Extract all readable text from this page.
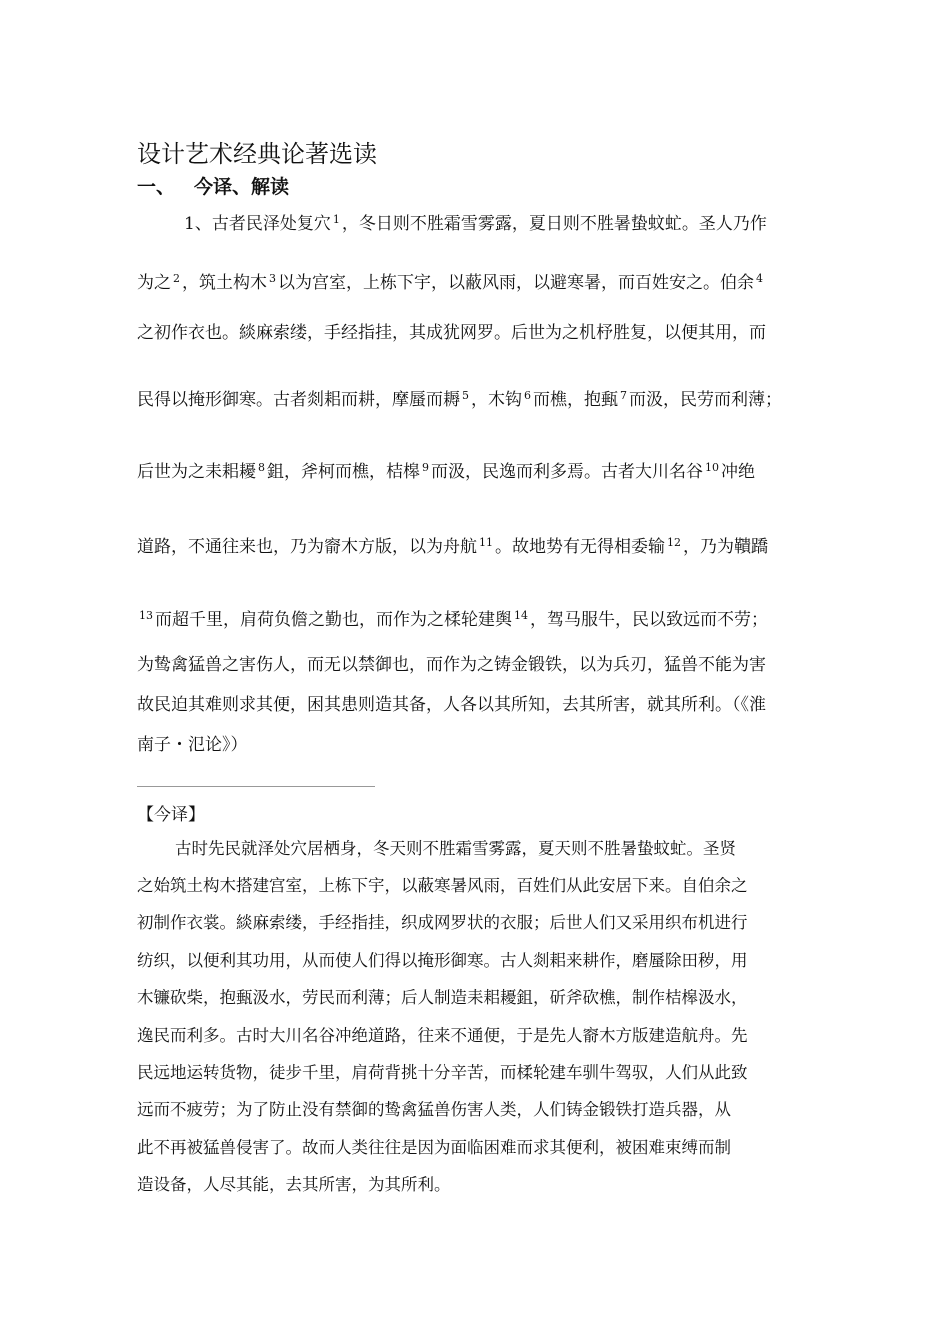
设计艺术经典论著选读
一、 今译、解读
1、古者民泽处复穴 $^1$ ，冬日则不胜霜雪雾露，夏日则不胜暑蛰蚊虻。圣人乃作
为之 $^2$ ，筑土构木 $^3$ 以为宫室，上栋下宇，以蔽风雨，以避寒暑，而百姓安之。伯余 $^4$
之初作衣也。緂麻索缕，手经指挂，其成犹网罗。后世为之机杼胜复，以便其用，而
民得以掩形御寒。古者剡耜而耕，摩蜃而耨 $^5$ ，木钩 $^6$ 而樵，抱甀 $^7$ 而汲，民劳而利薄；
后世为之耒耜耰 $^8$ 鉏，斧柯而樵，桔槔 $^9$ 而汲，民逸而利多焉。古者大川名谷 $^{10}$ 冲绝
道路，不通往来也，乃为窬木方版，以为舟航 $^{11}$ 。故地势有无得相委输 $^{12}$ ，乃为鞼蹻
$^{13}$ 而超千里，肩荷负儋之勤也，而作为之楺轮建舆 $^{14}$ ，驾马服牛，民以致远而不劳；
为鸷禽猛兽之害伤人，而无以禁御也，而作为之铸金锻铁，以为兵刃，猛兽不能为害
故民迫其难则求其便，困其患则造其备，人各以其所知，去其所害，就其所利。（《淮
南子・氾论》）
【今译】
古时先民就泽处穴居栖身，冬天则不胜霜雪雾露，夏天则不胜暑蛰蚊虻。圣贤
之始筑土构木搭建宫室，上栋下宇，以蔽寒暑风雨，百姓们从此安居下来。自伯余之
初制作衣裳。緂麻索缕，手经指挂，织成网罗状的衣服；后世人们又采用织布机进行
纺织，以便利其功用，从而使人们得以掩形御寒。古人剡耜来耕作，磨蜃除田秽，用
木镰砍柴，抱甀汲水，劳民而利薄；后人制造耒耜耰鉏，斫斧砍樵，制作桔槔汲水，
逸民而利多。古时大川名谷冲绝道路，往来不通便，于是先人窬木方版建造航舟。先
民远地运转货物，徒步千里，肩荷背挑十分辛苦，而楺轮建车驯牛驾驭，人们从此致
远而不疲劳；为了防止没有禁御的鸷禽猛兽伤害人类，人们铸金锻铁打造兵器，从
此不再被猛兽侵害了。故而人类往往是因为面临困难而求其便利，被困难束缚而制
造设备，人尽其能，去其所害，为其所利。
